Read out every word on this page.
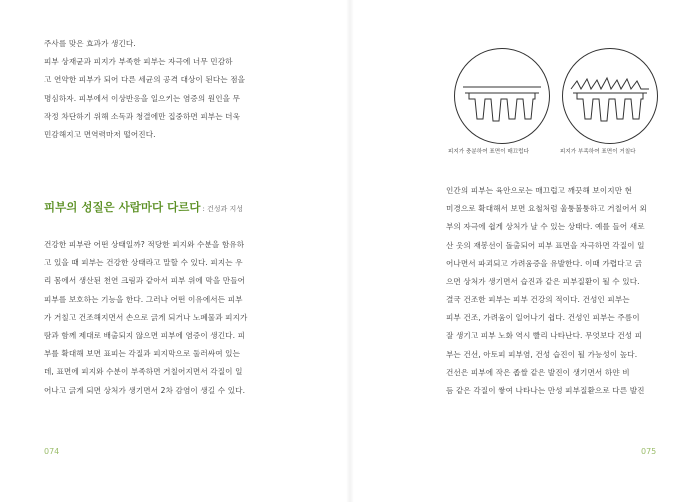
주사를 맞은 효과가 생긴다.
피부 상재균과 피지가 부족한 피부는 자극에 너무 민감하
고 연약한 피부가 되어 다른 세균의 공격 대상이 된다는 점을
명심하자. 피부에서 이상반응을 일으키는 염증의 원인을 무
작정 차단하기 위해 소독과 청결에만 집중하면 피부는 더욱
민감해지고 면역력마저 떨어진다.

피부의 성질은 사람마다 다르다 : 건성과 지성

건강한 피부란 어떤 상태일까? 적당한 피지와 수분을 함유하
고 있을 때 피부는 건강한 상태라고 말할 수 있다. 피지는 우
리 몸에서 생산된 천연 크림과 같아서 피부 위에 막을 만들어
피부를 보호하는 기능을 한다. 그러나 어떤 이유에서든 피부
가 거칠고 건조해지면서 손으로 긁게 되거나 노폐물과 피지가
땀과 함께 제대로 배출되지 않으면 피부에 염증이 생긴다. 피
부를 확대해 보면 표피는 각질과 피지막으로 둘러싸여 있는
데, 표면에 피지와 수분이 부족하면 거칠어지면서 각질이 일
어나고 긁게 되면 상처가 생기면서 2차 감염이 생길 수 있다.

074
피지가 충분하여 표면이 매끄럽다	피지가 부족하여 표면이 거칠다

인간의 피부는 육안으로는 매끄럽고 깨끗해 보이지만 현
미경으로 확대해서 보면 요철처럼 울퉁불퉁하고 거칠어서 외
부의 자극에 쉽게 상처가 날 수 있는 상태다. 예를 들어 새로
산 옷의 재봉선이 돌출되어 피부 표면을 자극하면 각질이 일
어나면서 파괴되고 가려움증을 유발한다. 이때 가렵다고 긁
으면 상처가 생기면서 습진과 같은 피부질환이 될 수 있다.

결국 건조한 피부는 피부 건강의 적이다. 건성인 피부는
피부 건조, 가려움이 일어나기 쉽다. 건성인 피부는 주름이
잘 생기고 피부 노화 역시 빨리 나타난다. 무엇보다 건성 피
부는 건선, 아토피 피부염, 건성 습진이 될 가능성이 높다.

건선은 피부에 작은 좁쌀 같은 발진이 생기면서 하얀 비
듬 같은 각질이 쌓여 나타나는 만성 피부질환으로 다른 발진

075
